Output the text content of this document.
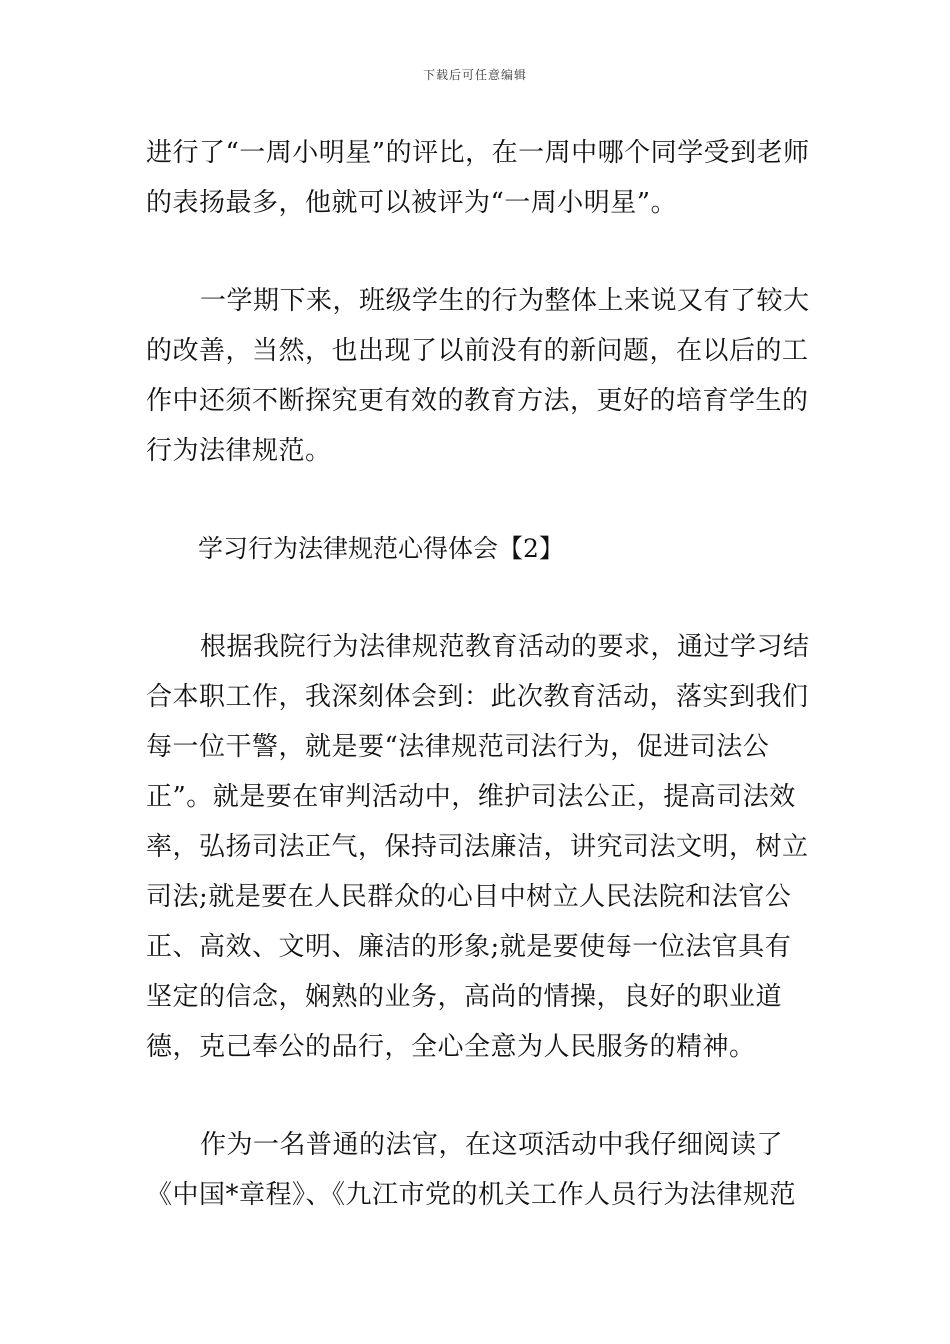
下载后可任意编辑

进行了“一周小明星”的评比，在一周中哪个同学受到老师的表扬最多，他就可以被评为“一周小明星”。

一学期下来，班级学生的行为整体上来说又有了较大的改善，当然，也出现了以前没有的新问题，在以后的工作中还须不断探究更有效的教育方法，更好的培育学生的行为法律规范。

学习行为法律规范心得体会【2】

根据我院行为法律规范教育活动的要求，通过学习结合本职工作，我深刻体会到：此次教育活动，落实到我们每一位干警，就是要“法律规范司法行为，促进司法公正”。就是要在审判活动中，维护司法公正，提高司法效率，弘扬司法正气，保持司法廉洁，讲究司法文明，树立司法;就是要在人民群众的心目中树立人民法院和法官公正、高效、文明、廉洁的形象;就是要使每一位法官具有坚定的信念，娴熟的业务，高尚的情操，良好的职业道德，克己奉公的品行，全心全意为人民服务的精神。

作为一名普通的法官，在这项活动中我仔细阅读了《中国*章程》、《九江市党的机关工作人员行为法律规范
